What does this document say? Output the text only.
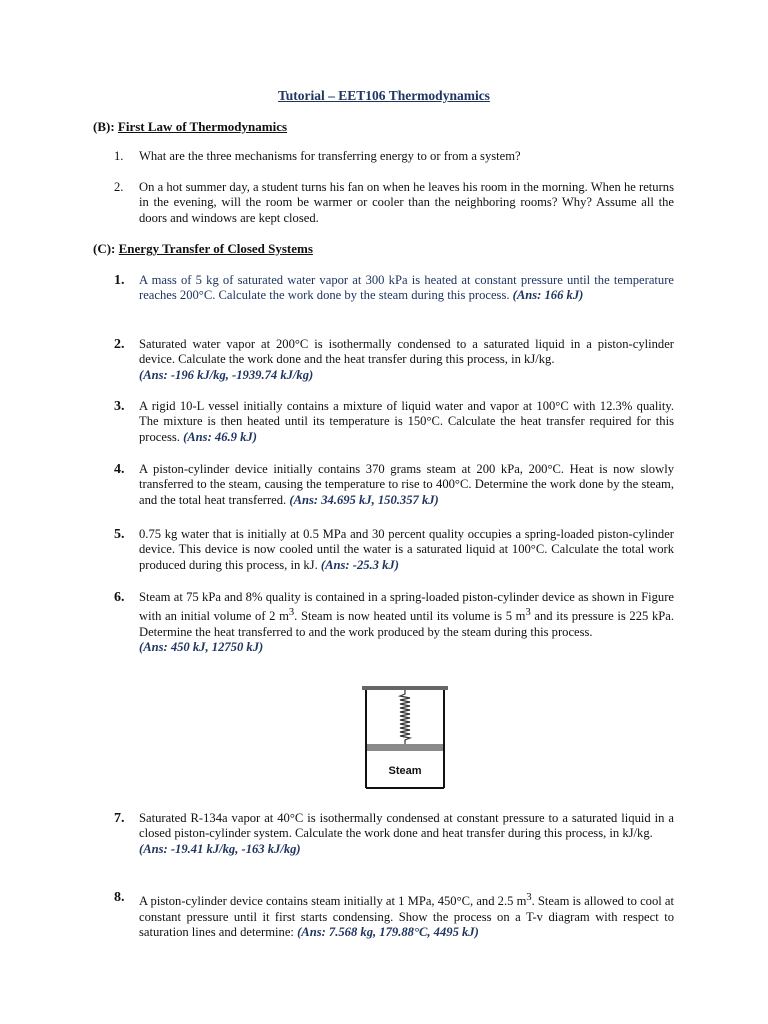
Tutorial – EET106 Thermodynamics
(B): First Law of Thermodynamics
1. What are the three mechanisms for transferring energy to or from a system?
2. On a hot summer day, a student turns his fan on when he leaves his room in the morning. When he returns in the evening, will the room be warmer or cooler than the neighboring rooms? Why? Assume all the doors and windows are kept closed.
(C): Energy Transfer of Closed Systems
1. A mass of 5 kg of saturated water vapor at 300 kPa is heated at constant pressure until the temperature reaches 200°C. Calculate the work done by the steam during this process. (Ans: 166 kJ)
2. Saturated water vapor at 200°C is isothermally condensed to a saturated liquid in a piston-cylinder device. Calculate the work done and the heat transfer during this process, in kJ/kg.
(Ans: -196 kJ/kg, -1939.74 kJ/kg)
3. A rigid 10-L vessel initially contains a mixture of liquid water and vapor at 100°C with 12.3% quality. The mixture is then heated until its temperature is 150°C. Calculate the heat transfer required for this process. (Ans: 46.9 kJ)
4. A piston-cylinder device initially contains 370 grams steam at 200 kPa, 200°C. Heat is now slowly transferred to the steam, causing the temperature to rise to 400°C. Determine the work done by the steam, and the total heat transferred. (Ans: 34.695 kJ, 150.357 kJ)
5. 0.75 kg water that is initially at 0.5 MPa and 30 percent quality occupies a spring-loaded piston-cylinder device. This device is now cooled until the water is a saturated liquid at 100°C. Calculate the total work produced during this process, in kJ. (Ans: -25.3 kJ)
6. Steam at 75 kPa and 8% quality is contained in a spring-loaded piston-cylinder device as shown in Figure with an initial volume of 2 $m^3$. Steam is now heated until its volume is 5 $m^3$ and its pressure is 225 kPa. Determine the heat transferred to and the work produced by the steam during this process.
(Ans: 450 kJ, 12750 kJ)
Steam
7. Saturated R-134a vapor at 40°C is isothermally condensed at constant pressure to a saturated liquid in a closed piston-cylinder system. Calculate the work done and heat transfer during this process, in kJ/kg.
(Ans: -19.41 kJ/kg, -163 kJ/kg)
8. A piston-cylinder device contains steam initially at 1 MPa, 450°C, and 2.5 $m^3$. Steam is allowed to cool at constant pressure until it first starts condensing. Show the process on a T-v diagram with respect to saturation lines and determine: (Ans: 7.568 kg, 179.88°C, 4495 kJ)
